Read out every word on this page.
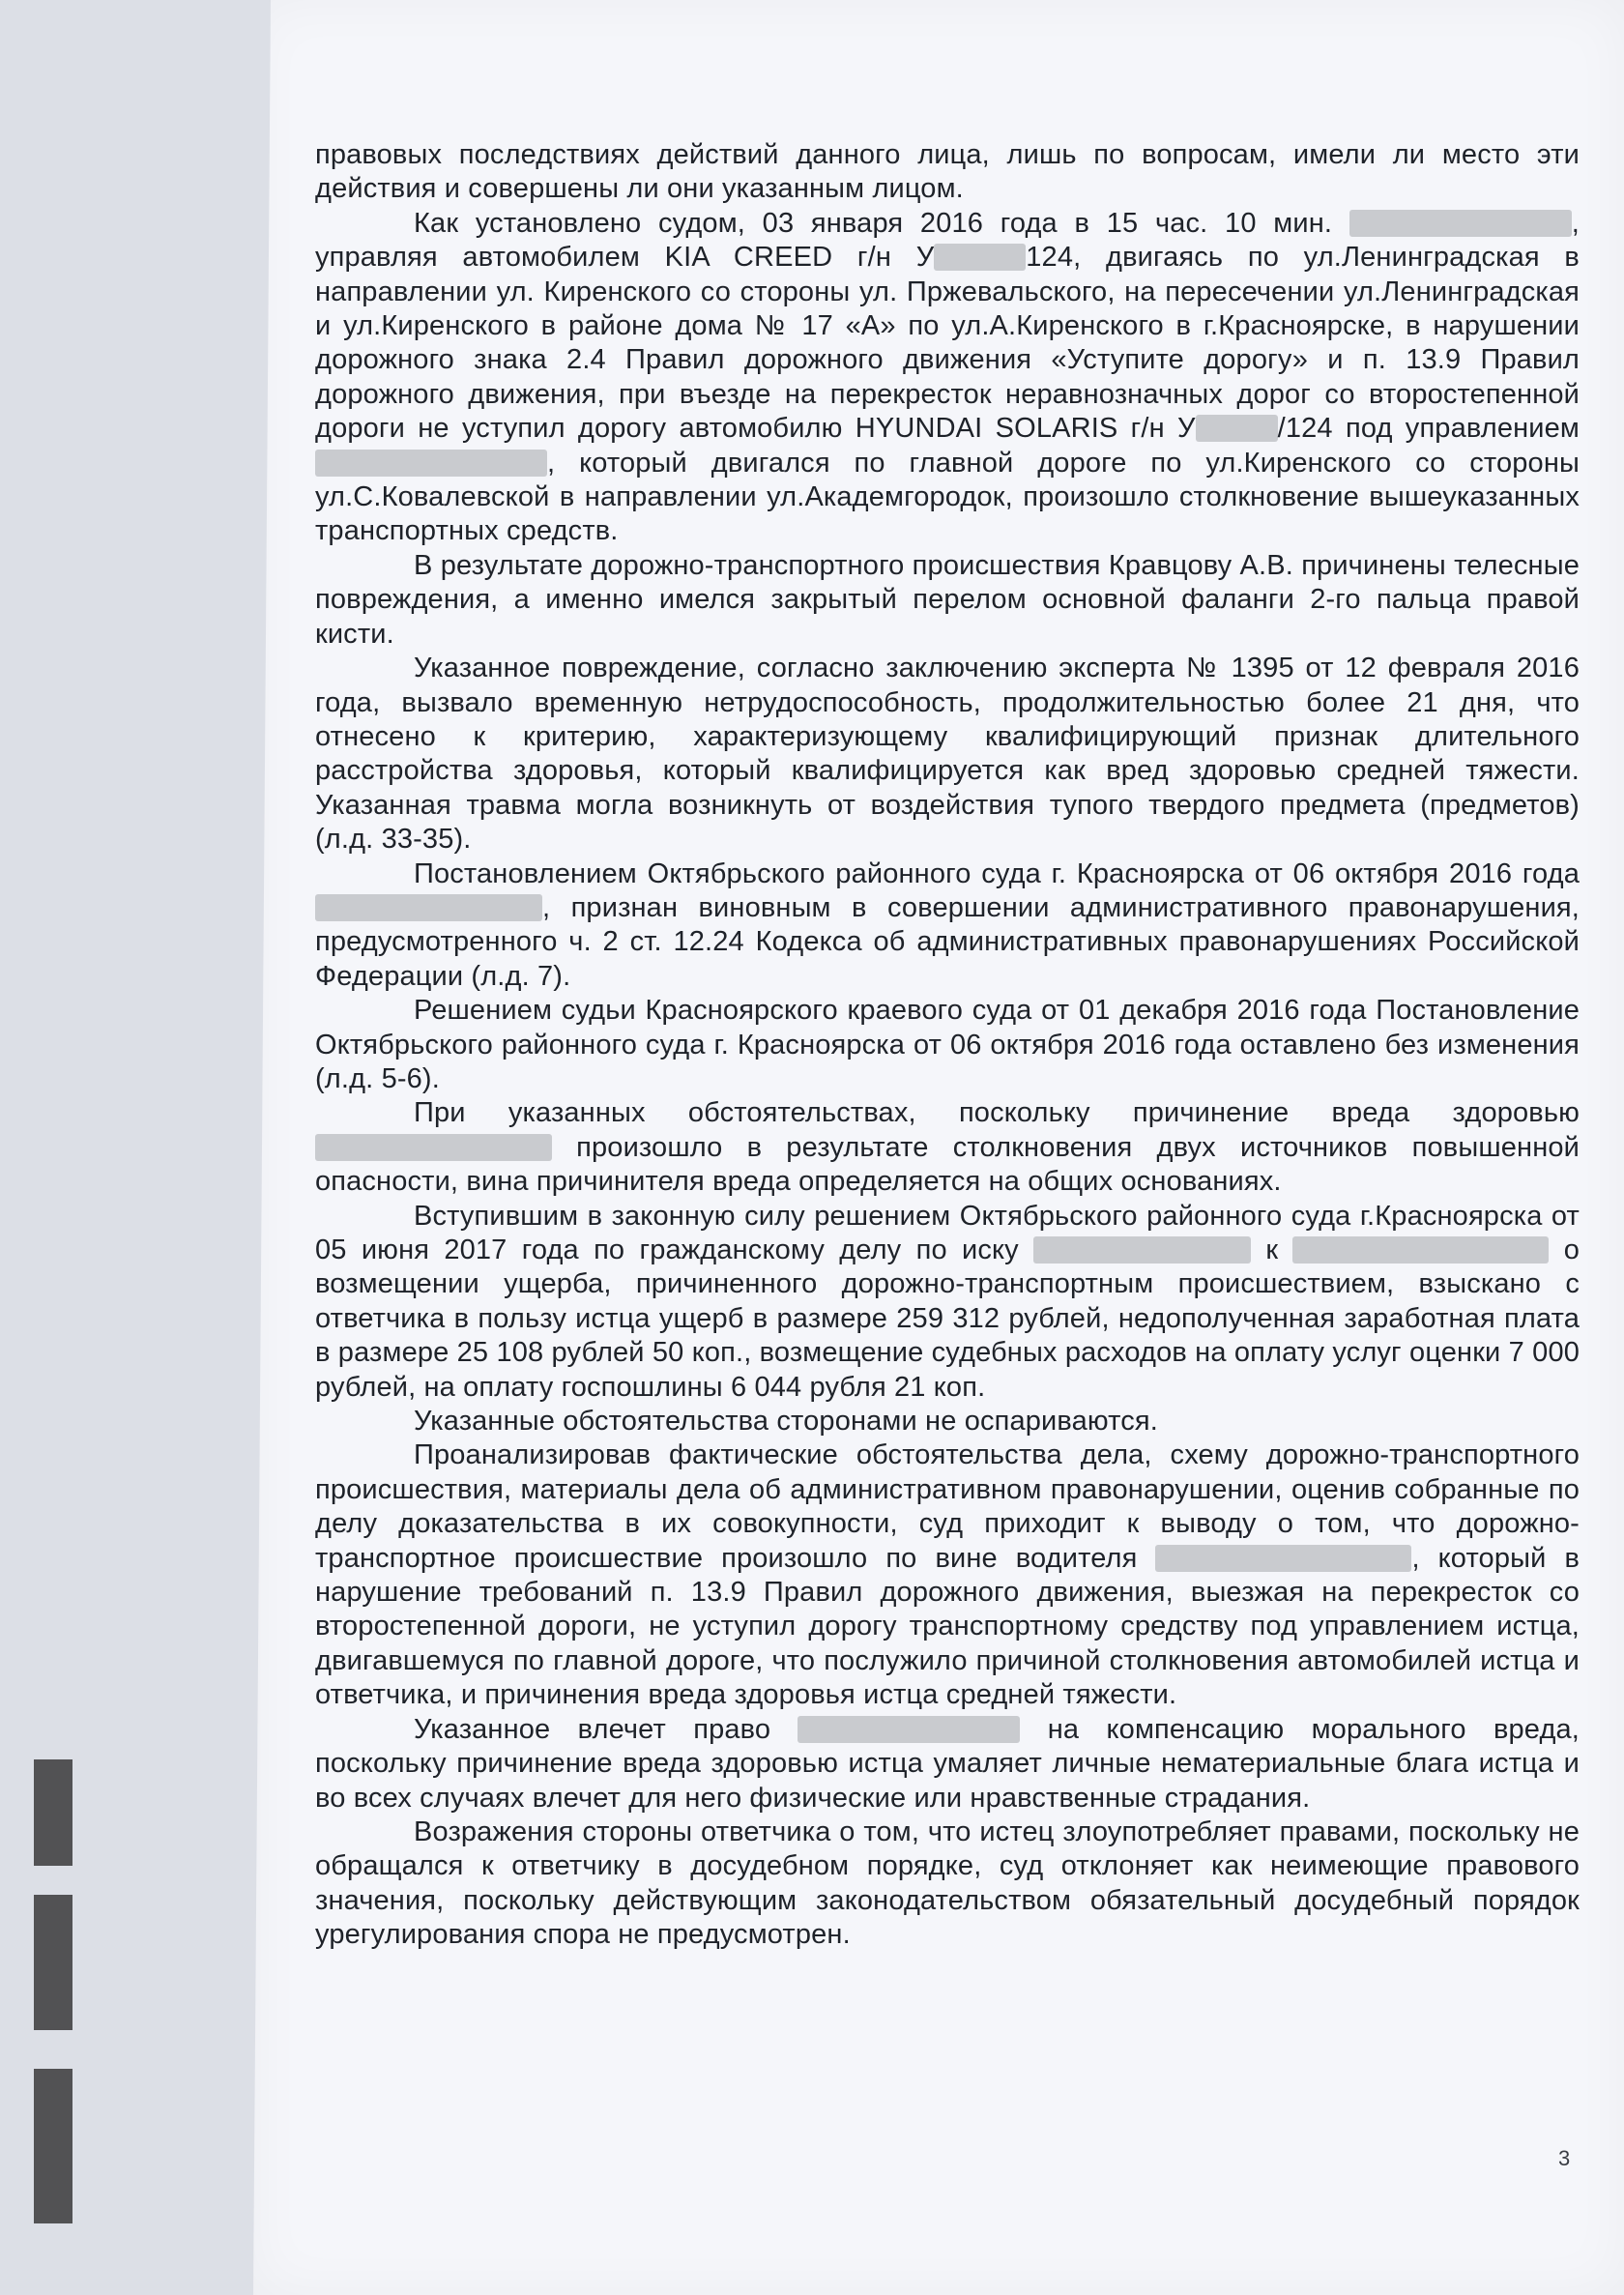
правовых последствиях действий данного лица, лишь по вопросам, имели ли место эти действия и совершены ли они указанным лицом.

Как установлено судом, 03 января 2016 года в 15 час. 10 мин.	, управляя автомобилем KIA CREED г/н У	124, двигаясь по ул.Ленинградская в направлении ул. Киренского со стороны ул. Пржевальского, на пересечении ул.Ленинградская и ул.Киренского в районе дома № 17 «А» по ул.А.Киренского в г.Красноярске, в нарушении дорожного знака 2.4 Правил дорожного движения «Уступите дорогу» и п. 13.9 Правил дорожного движения, при въезде на перекресток неравнозначных дорог со второстепенной дороги не уступил дорогу автомобилю HYUNDAI SOLARIS г/н У	/124 под управлением , который двигался по главной дороге по ул.Киренского со стороны ул.С.Ковалевской в направлении ул.Академгородок, произошло столкновение вышеуказанных транспортных средств.

В результате дорожно-транспортного происшествия Кравцову А.В. причинены телесные повреждения, а именно имелся закрытый перелом основной фаланги 2-го пальца правой кисти.

Указанное повреждение, согласно заключению эксперта № 1395 от 12 февраля 2016 года, вызвало временную нетрудоспособность, продолжительностью более 21 дня, что отнесено к критерию, характеризующему квалифицирующий признак длительного расстройства здоровья, который квалифицируется как вред здоровью средней тяжести. Указанная травма могла возникнуть от воздействия тупого твердого предмета (предметов) (л.д. 33-35).

Постановлением Октябрьского районного суда г. Красноярска от 06 октября 2016 года , признан виновным в совершении административного правонарушения, предусмотренного ч. 2 ст. 12.24 Кодекса об административных правонарушениях Российской Федерации (л.д. 7).

Решением судьи Красноярского краевого суда от 01 декабря 2016 года Постановление Октябрьского районного суда г. Красноярска от 06 октября 2016 года оставлено без изменения (л.д. 5-6).

При указанных обстоятельствах, поскольку причинение вреда здоровью  произошло в результате столкновения двух источников повышенной опасности, вина причинителя вреда определяется на общих основаниях.

Вступившим в законную силу решением Октябрьского районного суда г.Красноярска от 05 июня 2017 года по гражданскому делу по иску	к	о возмещении ущерба, причиненного дорожно-транспортным происшествием, взыскано с ответчика в пользу истца ущерб в размере 259 312 рублей, недополученная заработная плата в размере 25 108 рублей 50 коп., возмещение судебных расходов на оплату услуг оценки 7 000 рублей, на оплату госпошлины 6 044 рубля 21 коп.

Указанные обстоятельства сторонами не оспариваются.

Проанализировав фактические обстоятельства дела, схему дорожно-транспортного происшествия, материалы дела об административном правонарушении, оценив собранные по делу доказательства в их совокупности, суд приходит к выводу о том, что дорожно-транспортное происшествие произошло по вине водителя	, который в нарушение требований п. 13.9 Правил дорожного движения, выезжая на перекресток со второстепенной дороги, не уступил дорогу транспортному средству под управлением истца, двигавшемуся по главной дороге, что послужило причиной столкновения автомобилей истца и ответчика, и причинения вреда здоровья истца средней тяжести.

Указанное влечет право	на компенсацию морального вреда, поскольку причинение вреда здоровью истца умаляет личные нематериальные блага истца и во всех случаях влечет для него физические или нравственные страдания.

Возражения стороны ответчика о том, что истец злоупотребляет правами, поскольку не обращался к ответчику в досудебном порядке, суд отклоняет как неимеющие правового значения, поскольку действующим законодательством обязательный досудебный порядок урегулирования спора не предусмотрен.

3
